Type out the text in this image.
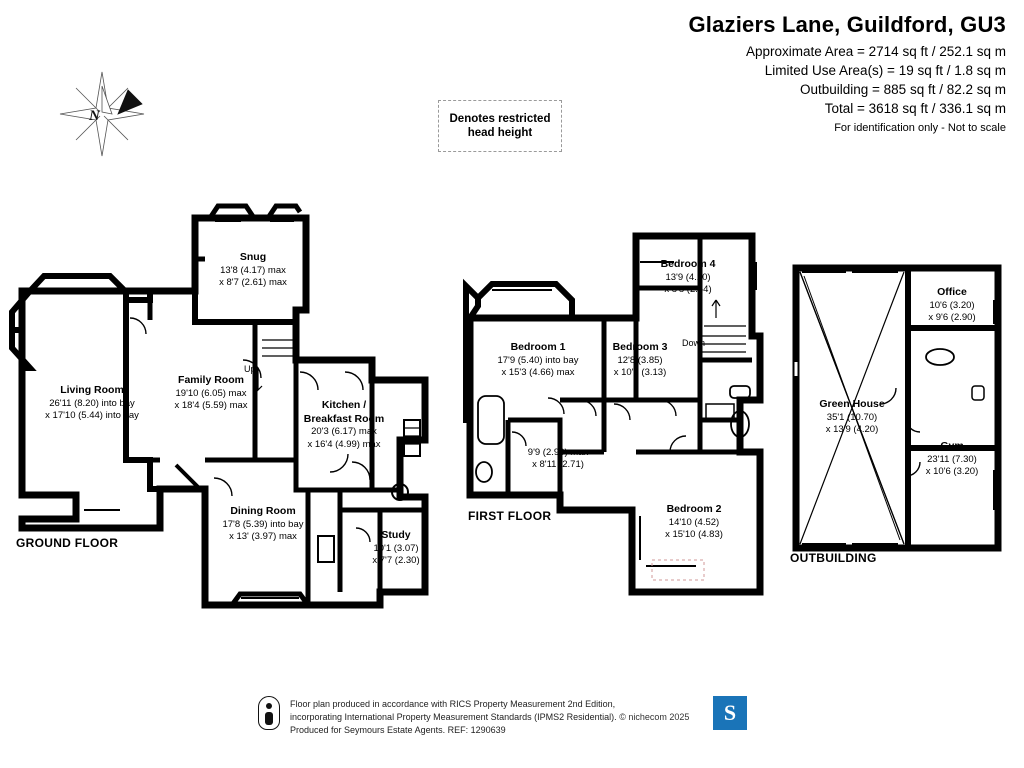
Glaziers Lane, Guildford, GU3
Approximate Area = 2714 sq ft / 252.1 sq m
Limited Use Area(s) = 19 sq ft / 1.8 sq m
Outbuilding = 885 sq ft / 82.2 sq m
Total = 3618 sq ft / 336.1 sq m
For identification only - Not to scale
N	Denotes restricted
head height
GROUND FLOOR
FIRST FLOOR
OUTBUILDING
Living Room
26'11 (8.20) into bay
x 17'10 (5.44) into bay
Snug
13'8 (4.17) max
x 8'7 (2.61) max
Family Room
19'10 (6.05) max
x 18'4 (5.59) max	Kitchen /
Breakfast Room
20'3 (6.17) max
x 16'4 (4.99) max
Dining Room
17'8 (5.39) into bay
x 13' (3.97) max	Study
10'1 (3.07)
x 7'7 (2.30)
Up
Bedroom 1
17'9 (5.40) into bay
x 15'3 (4.66) max
Bedroom 3
12'8 (3.85)
x 10'3 (3.13)
Bedroom 4
13'9 (4.20)
x 8'8 (2.64)
Bedroom 2
14'10 (4.52)
x 15'10 (4.83)
9'9 (2.96) max
x 8'11 (2.71)
Down
Office
10'6 (3.20)
x 9'6 (2.90)
Green House
35'1 (10.70)
x 13'9 (4.20)
Gym
23'11 (7.30)
x 10'6 (3.20)
Floor plan produced in accordance with RICS Property Measurement 2nd Edition,
incorporating International Property Measurement Standards (IPMS2 Residential). © nichecom 2025
Produced for Seymours Estate Agents. REF: 1290639
S
